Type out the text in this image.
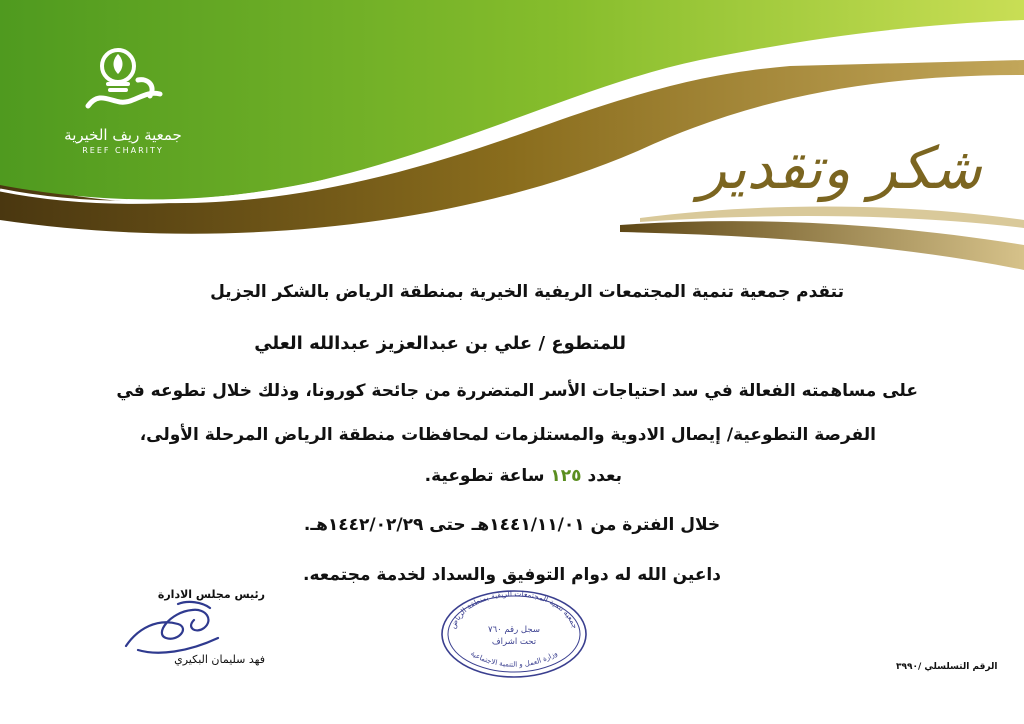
جمعية ريف الخيرية
REEF CHARITY	شكر وتقدير
تتقدم جمعية تنمية المجتمعات الريفية الخيرية بمنطقة الرياض بالشكر الجزيل
للمتطوع / علي بن عبدالعزيز عبدالله العلي
على مساهمته الفعالة في سد احتياجات الأسر المتضررة من جائحة كورونا، وذلك خلال تطوعه في
الفرصة التطوعية/ إيصال الادوية والمستلزمات لمحافظات منطقة الرياض المرحلة الأولى،
بعدد ١٢٥ ساعة تطوعية.
خلال الفترة من ١٤٤١/١١/٠١هـ حتى ١٤٤٢/٠٢/٢٩هـ.
داعين الله له دوام التوفيق والسداد لخدمة مجتمعه.
رئيس مجلس الادارة
فهد سليمان البكيري
جمعية تنمية المجتمعات الريفية بمنطقة الرياض
وزارة العمل و التنمية الاجتماعية
سجل رقم ٧٦٠
تحت اشراف
الرقم التسلسلي /٣٩٩٠
